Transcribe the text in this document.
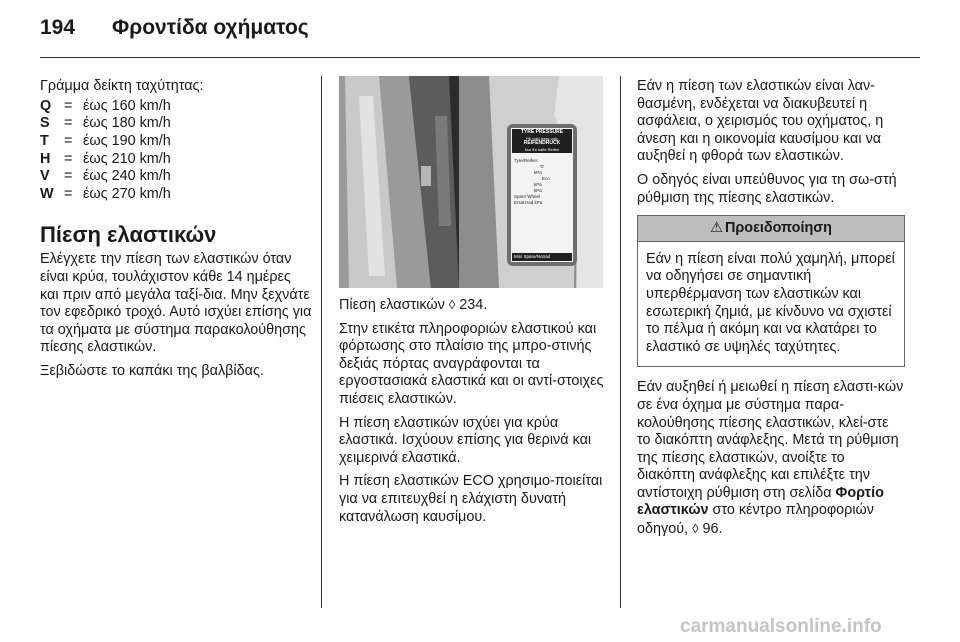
194 Φροντίδα οχήματος

Γράμμα δείκτη ταχύτητας:

Q = έως 160 km/h
S = έως 180 km/h
T	= έως 190 km/h
H = έως 210 km/h
V = έως 240 km/h
W = έως 270 km/h
Πίεση ελαστικών

Ελέγχετε την πίεση των ελαστικών όταν είναι κρύα, τουλάχιστον κάθε 14 ημέρες και πριν από μεγάλα ταξί-δια. Μην ξεχνάτε τον εφεδρικό τροχό. Αυτό ισχύει επίσης για τα οχήματα με σύστημα παρακολούθησης πίεσης ελαστικών.

Ξεβιδώστε το καπάκι της βαλβίδας.

TYRE PRESSURE
Fill cold tyres only
REIFENDRUCK
Nur für kalte Reifen
Tyre/Reifen:
⬭
kPa
Eco
kPa
kPa
Spare Wheel
Ersatzrad kPa
Mini Spare/Notrad

Πίεση ελαστικών ◊ 234.

Στην ετικέτα πληροφοριών ελαστικού και φόρτωσης στο πλαίσιο της μπρο-στινής δεξιάς πόρτας αναγράφονται τα εργοστασιακά ελαστικά και οι αντί-στοιχες πιέσεις ελαστικών.

Η πίεση ελαστικών ισχύει για κρύα ελαστικά. Ισχύουν επίσης για θερινά και χειμερινά ελαστικά.

Η πίεση ελαστικών ECO χρησιμο-ποιείται για να επιτευχθεί η ελάχιστη δυνατή κατανάλωση καυσίμου.

Εάν η πίεση των ελαστικών είναι λαν-θασμένη, ενδέχεται να διακυβευτεί η ασφάλεια, ο χειρισμός του οχήματος, η άνεση και η οικονομία καυσίμου και να αυξηθεί η φθορά των ελαστικών.

Ο οδηγός είναι υπεύθυνος για τη σω-στή ρύθμιση της πίεσης ελαστικών.

⚠ Προειδοποίηση

Εάν η πίεση είναι πολύ χαμηλή, μπορεί να οδηγήσει σε σημαντική υπερθέρμανση των ελαστικών και εσωτερική ζημιά, με κίνδυνο να σχιστεί το πέλμα ή ακόμη και να κλατάρει το ελαστικό σε υψηλές ταχύτητες.

Εάν αυξηθεί ή μειωθεί η πίεση ελαστι-κών σε ένα όχημα με σύστημα παρα-κολούθησης πίεσης ελαστικών, κλεί-στε το διακόπτη ανάφλεξης. Μετά τη ρύθμιση της πίεσης ελαστικών, ανοίξτε το διακόπτη ανάφλεξης και επιλέξτε την αντίστοιχη ρύθμιση στη σελίδα Φορτίο ελαστικών στο κέντρο πληροφοριών οδηγού, ◊ 96.

carmanualsonline.info
